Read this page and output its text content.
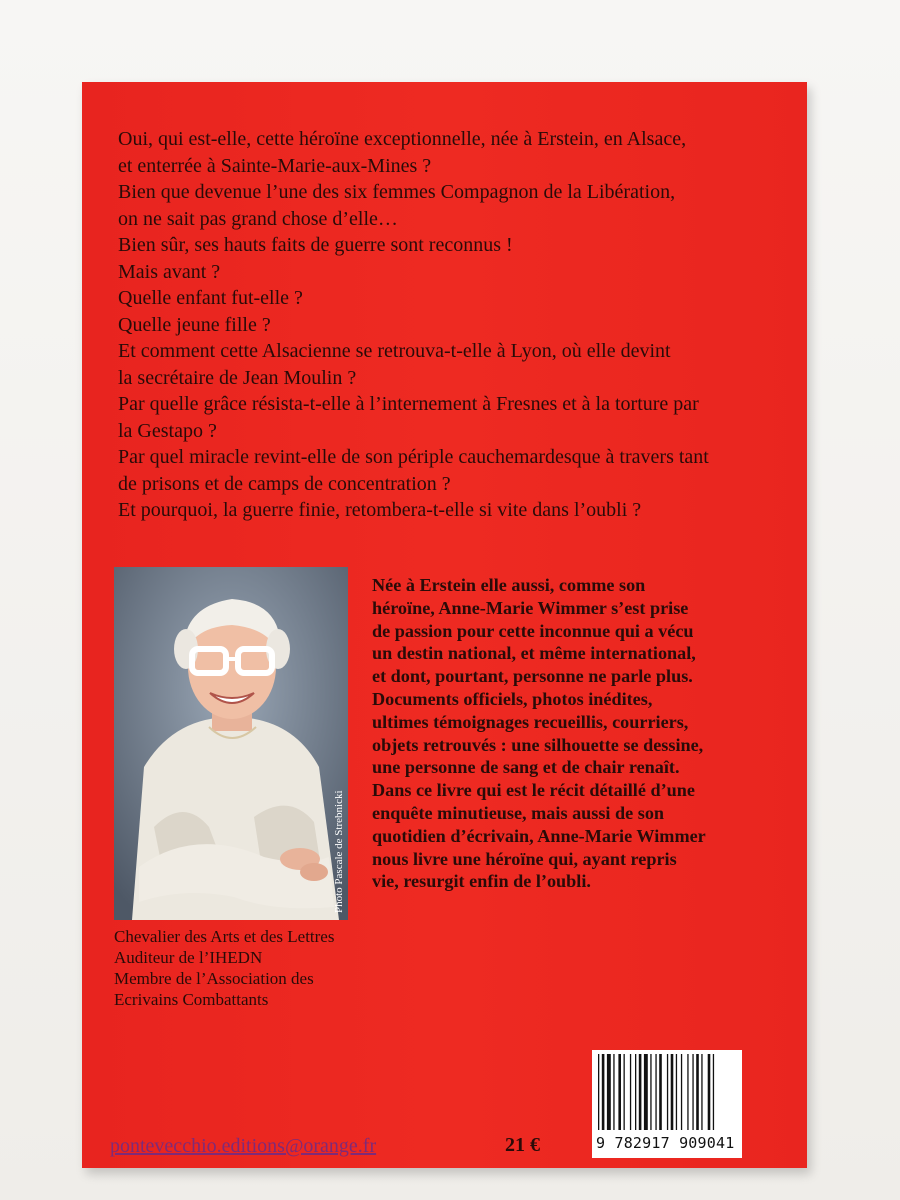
Oui, qui est-elle, cette héroïne exceptionnelle, née à Erstein, en Alsace,

et enterrée à Sainte-Marie-aux-Mines ?

Bien que devenue l’une des six femmes Compagnon de la Libération,

on ne sait pas grand chose d’elle…

Bien sûr, ses hauts faits de guerre sont reconnus !

Mais avant ?

Quelle enfant fut-elle ?

Quelle jeune fille ?

Et comment cette Alsacienne se retrouva-t-elle à Lyon, où elle devint

la secrétaire de Jean Moulin ?

Par quelle grâce résista-t-elle à l’internement à Fresnes et à la torture par

la Gestapo ?

Par quel miracle revint-elle de son périple cauchemardesque à travers tant

de prisons et de camps de concentration ?

Et pourquoi, la guerre finie, retombera-t-elle si vite dans l’oubli ?

Photo Pascale de Strebnicki

Chevalier des Arts et des Lettres

Auditeur de l’IHEDN

Membre de l’Association des

Ecrivains Combattants

Née à Erstein elle aussi, comme son

héroïne, Anne-Marie Wimmer s’est prise

de passion pour cette inconnue qui a vécu

un destin national, et même international,

et dont, pourtant, personne ne parle plus.

Documents officiels, photos inédites,

ultimes témoignages recueillis, courriers,

objets retrouvés : une silhouette se dessine,

une personne de sang et de chair renaît.

Dans ce livre qui est le récit détaillé d’une

enquête minutieuse, mais aussi de son

quotidien d’écrivain, Anne-Marie Wimmer

nous livre une héroïne qui, ayant repris

vie, resurgit enfin de l’oubli.

pontevecchio.editions@orange.fr	21 €	9 782917 909041
